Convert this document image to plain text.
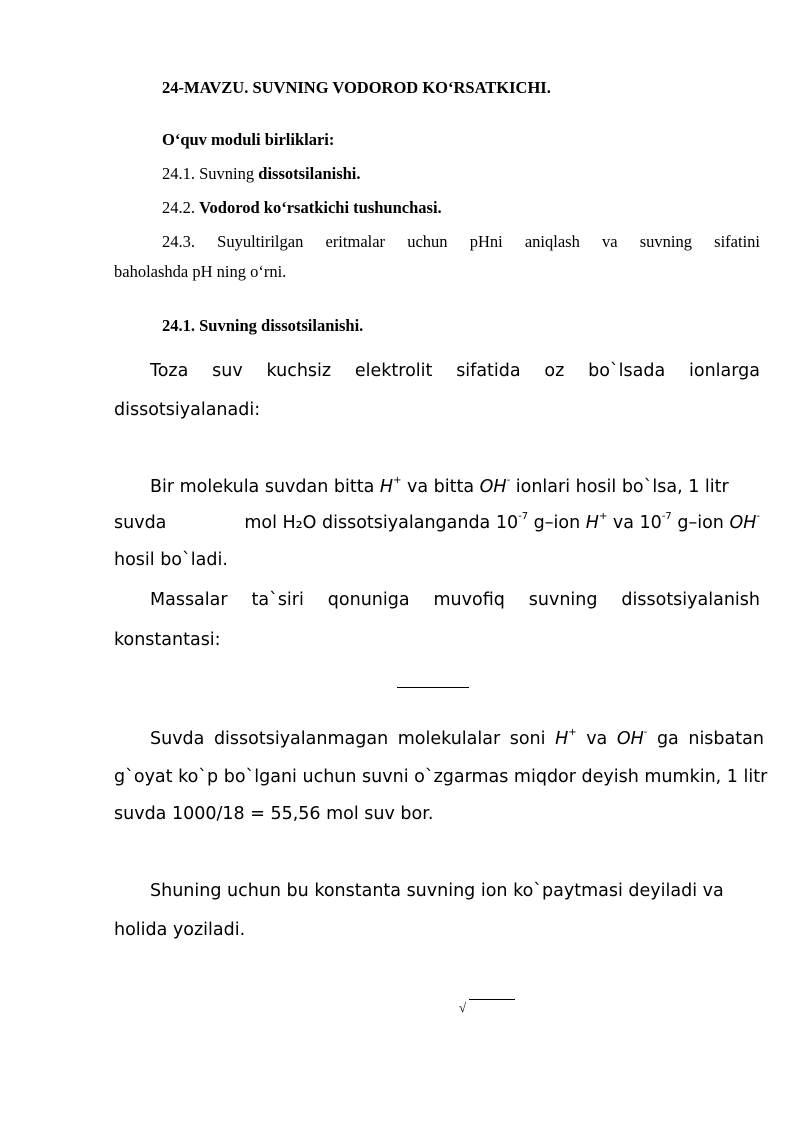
24-MAVZU. SUVNING VODOROD KO‘RSATKICHI.
O‘quv moduli birliklari:
24.1. Suvning dissotsilanishi.
24.2. Vodorod ko‘rsatkichi tushunchasi.
24.3. Suyultirilgan eritmalar uchun pHni aniqlash va suvning sifatini
baholashda pH ning o‘rni.
24.1. Suvning dissotsilanishi.
Toza suv kuchsiz elektrolit sifatida oz bo`lsada ionlarga
dissotsiyalanadi:
Bir molekula suvdan bitta H+ va bitta OH- ionlari hosil bo`lsa, 1 litr
suvda	mol H₂O dissotsiyalanganda $10^{-7}$ g–ion H+ va $10^{-7}$ g–ion OH-
hosil bo`ladi.
Massalar ta`siri qonuniga muvofiq suvning dissotsiyalanish
konstantasi:
Suvda dissotsiyalanmagan molekulalar soni H+ va OH- ga nisbatan
g`oyat ko`p bo`lgani uchun suvni o`zgarmas miqdor deyish mumkin, 1 litr
suvda 1000/18 = 55,56 mol suv bor.
Shuning uchun bu konstanta suvning ion ko`paytmasi deyiladi va
holida yoziladi.
√
